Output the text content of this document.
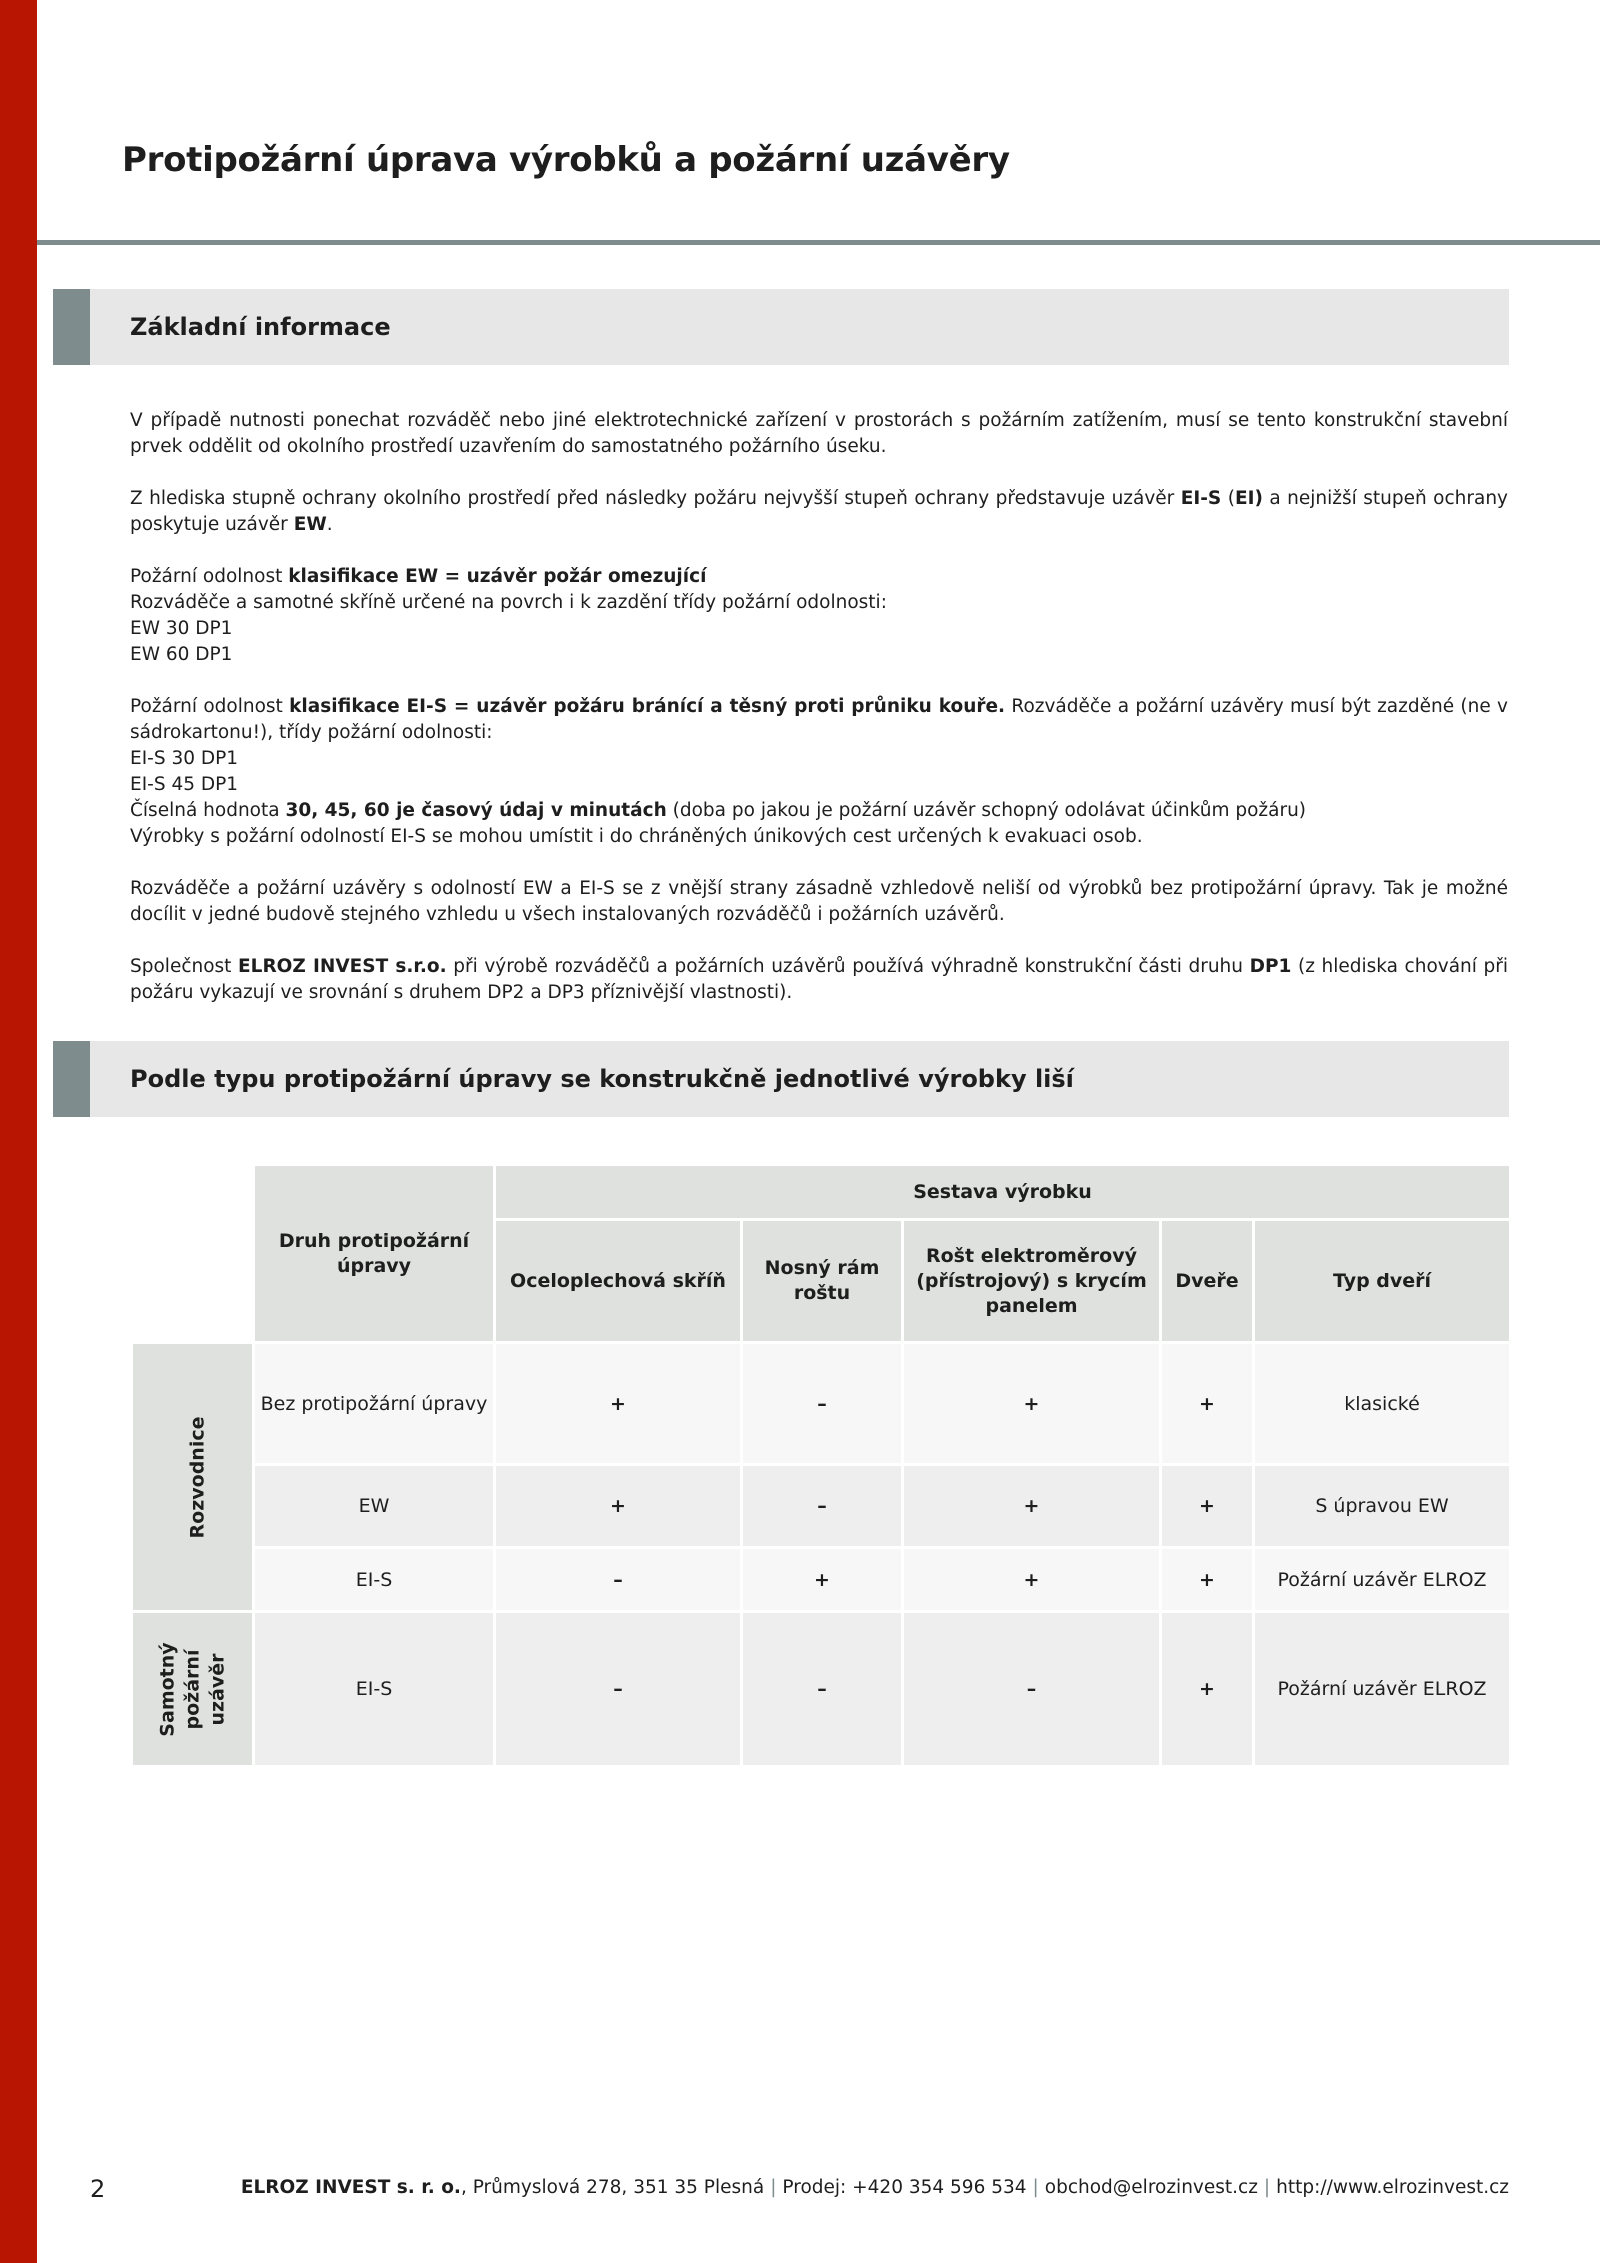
Protipožární úprava výrobků a požární uzávěry
Základní informace

V případě nutnosti ponechat rozváděč nebo jiné elektrotechnické zařízení v prostorách s požárním zatížením, musí se tento konstrukční stavební prvek oddělit od okolního prostředí uzavřením do samostatného požárního úseku.

Z hlediska stupně ochrany okolního prostředí před následky požáru nejvyšší stupeň ochrany představuje uzávěr EI-S (EI) a nejnižší stupeň ochrany poskytuje uzávěr EW.

Požární odolnost klasifikace EW = uzávěr požár omezující
Rozváděče a samotné skříně určené na povrch i k zazdění třídy požární odolnosti:
EW 30 DP1
EW 60 DP1

Požární odolnost klasifikace EI-S = uzávěr požáru bránící a těsný proti průniku kouře. Rozváděče a požární uzávěry musí být zazděné (ne v sádrokartonu!), třídy požární odolnosti:
EI-S 30 DP1
EI-S 45 DP1
Číselná hodnota 30, 45, 60 je časový údaj v minutách (doba po jakou je požární uzávěr schopný odolávat účinkům požáru)
Výrobky s požární odolností EI-S se mohou umístit i do chráněných únikových cest určených k evakuaci osob.

Rozváděče a požární uzávěry s odolností EW a EI-S se z vnější strany zásadně vzhledově neliší od výrobků bez protipožární úpravy. Tak je možné docílit v jedné budově stejného vzhledu u všech instalovaných rozváděčů i požárních uzávěrů.

Společnost ELROZ INVEST s.r.o. při výrobě rozváděčů a požárních uzávěrů používá výhradně konstrukční části druhu DP1 (z hlediska chování při požáru vykazují ve srovnání s druhem DP2 a DP3 příznivější vlastnosti).

Podle typu protipožární úpravy se konstrukčně jednotlivé výrobky liší
	Druh protipožární úpravy	Sestava výrobku				
		Oceloplechová skříň	Nosný rám roštu	Rošt elektroměrový (přístrojový) s krycím panelem	Dveře	Typ dveří
Rozvodnice	Bez protipožární úpravy	+	–	+	+	klasické
	EW	+	–	+	+	S úpravou EW
	EI-S	–	+	+	+	Požární uzávěr ELROZ
Samotný požární uzávěr	EI-S	–	–	–	+	Požární uzávěr ELROZ
2	ELROZ INVEST s. r. o., Průmyslová 278, 351 35 Plesná | Prodej: +420 354 596 534 | obchod@elrozinvest.cz | http://www.elrozinvest.cz
